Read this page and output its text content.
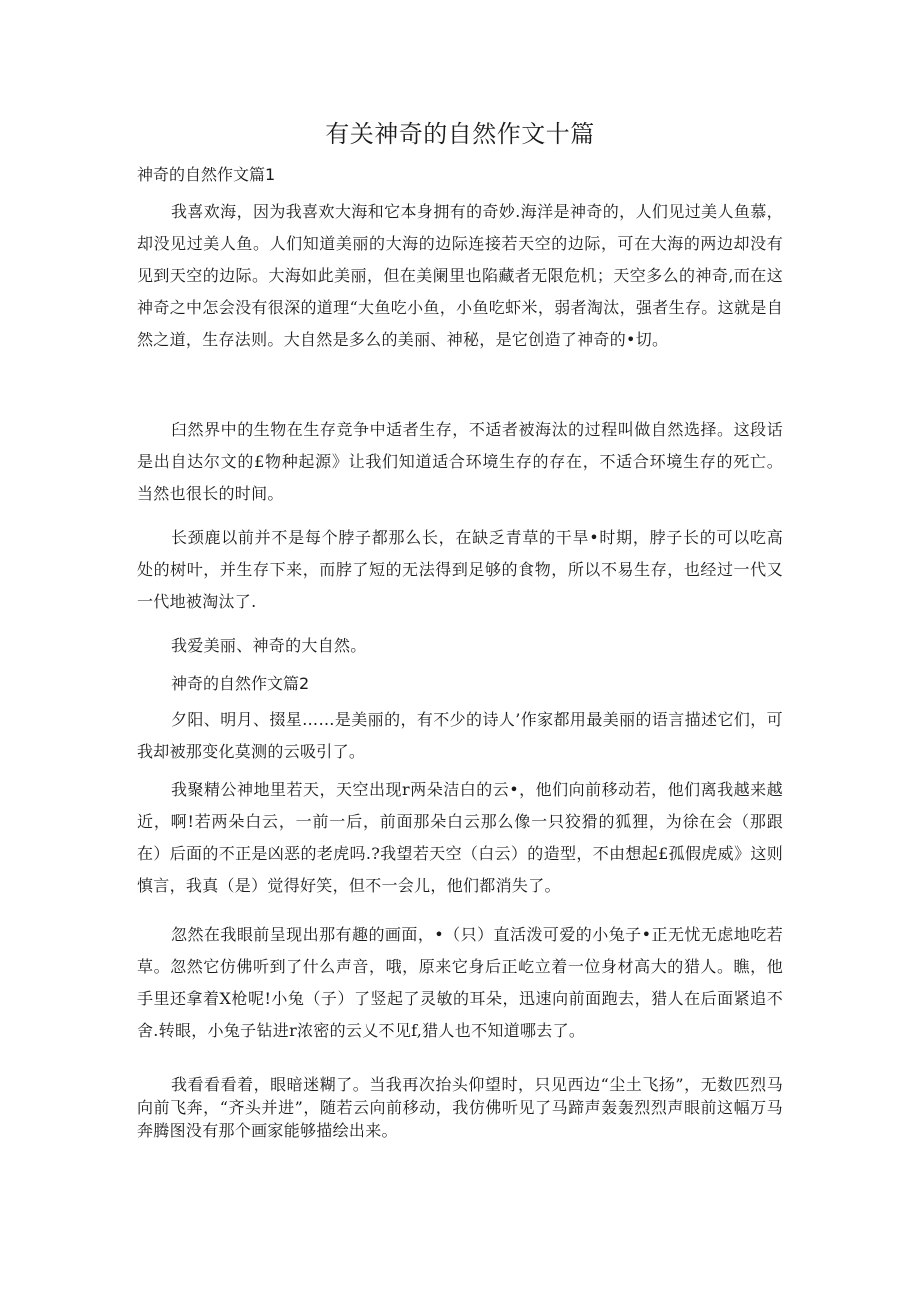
有关神奇的自然作文十篇
神奇的自然作文篇1

我喜欢海，因为我喜欢大海和它本身拥有的奇妙.海洋是神奇的，人们见过美人鱼慕，却没见过美人鱼。人们知道美丽的大海的边际连接若天空的边际，可在大海的两边却没有见到天空的边际。大海如此美丽，但在美阑里也陷藏者无限危机；天空多么的神奇,而在这神奇之中怎会没有很深的道理“大鱼吃小鱼，小鱼吃虾米，弱者淘汰，强者生存。这就是自然之道，生存法则。大自然是多么的美丽、神秘，是它创造了神奇的•切。

臼然界中的生物在生存竞争中适者生存，不适者被海汰的过程叫做自然选择。这段话是出自达尔文的£物种起源》让我们知道适合环境生存的存在，不适合环境生存的死亡。当然也很长的时间。

长颈鹿以前并不是每个脖子都那么长，在缺乏青草的干旱•时期，脖子长的可以吃高处的树叶，并生存下来，而脖了短的无法得到足够的食物，所以不易生存，也经过一代又一代地被淘汰了.

我爱美丽、神奇的大自然。

神奇的自然作文篇2

夕阳、明月、掇星……是美丽的，有不少的诗人’作家都用最美丽的语言描述它们，可我却被那变化莫测的云吸引了。

我聚精公神地里若天，天空出现r两朵洁白的云•，他们向前移动若，他们离我越来越近，啊!若两朵白云，一前一后，前面那朵白云那么像一只狡猾的狐狸，为徐在会（那跟在）后面的不正是凶恶的老虎吗.?我望若天空（白云）的造型，不由想起£孤假虎威》这则慎言，我真（是）觉得好笑，但不一会儿，他们都消失了。

忽然在我眼前呈现出那有趣的画面，•（只）直活泼可爱的小兔子•正无忧无虑地吃若草。忽然它仿佛听到了什么声音，哦，原来它身后正屹立着一位身材高大的猎人。瞧，他手里还拿着X枪呢!小兔（子）了竖起了灵敏的耳朵，迅速向前面跑去，猎人在后面紧追不舍.转眼，小兔子钻进r浓密的云乂不见f,猎人也不知道哪去了。

我看看看着，眼暗迷糊了。当我再次抬头仰望时，只见西边“尘土飞扬”，无数匹烈马向前飞奔，“齐头并进”，随若云向前移动，我仿佛听见了马蹄声轰轰烈烈声眼前这幅万马奔腾图没有那个画家能够描绘出来。
